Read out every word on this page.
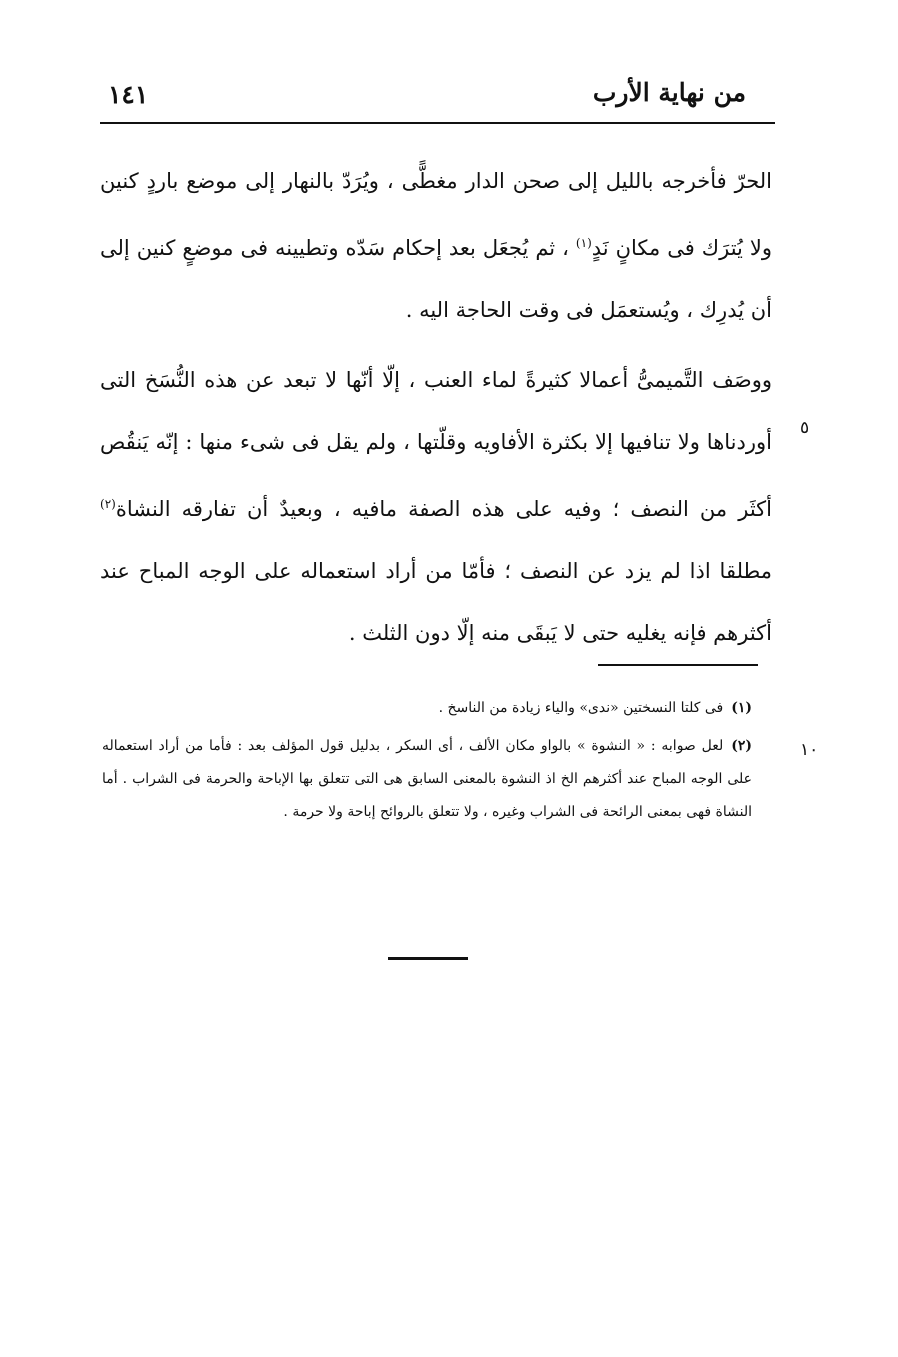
١٤١	من نهاية الأرب
٥
١٠

الحرّ فأخرجه بالليل إلى صحن الدار مغطًّى ، ويُرَدّ بالنهار إلى موضع باردٍ كنين ولا يُترَك فى مكانٍ نَدٍ$^{(١)}$ ، ثم يُجعَل بعد إحكام سَدّه وتطيينه فى موضعٍ كنين إلى أن يُدرِك ، ويُستعمَل فى وقت الحاجة اليه .

ووصَف التَّميمىُّ أعمالا كثيرةً لماء العنب ، إلّا أنّها لا تبعد عن هذه النُّسَخ التى أوردناها ولا تنافيها إلا بكثرة الأفاويه وقلّتها ، ولم يقل فى شىء منها : إنّه يَنقُص أكثَر من النصف ؛ وفيه على هذه الصفة مافيه ، وبعيدٌ أن تفارقه النشاة$^{(٢)}$ مطلقا اذا لم يزد عن النصف ؛ فأمّا من أراد استعماله على الوجه المباح عند أكثرهم فإنه يغليه حتى لا يَبقَى منه إلّا دون الثلث .

(١)فى كلتا النسختين «ندى» والياء زيادة من الناسخ .

(٢)لعل صوابه : « النشوة » بالواو مكان الألف ، أى السكر ، بدليل قول المؤلف بعد : فأما من أراد استعماله على الوجه المباح عند أكثرهم الخ اذ النشوة بالمعنى السابق هى التى تتعلق بها الإباحة والحرمة فى الشراب . أما النشاة فهى بمعنى الرائحة فى الشراب وغيره ، ولا تتعلق بالروائح إباحة ولا حرمة .
